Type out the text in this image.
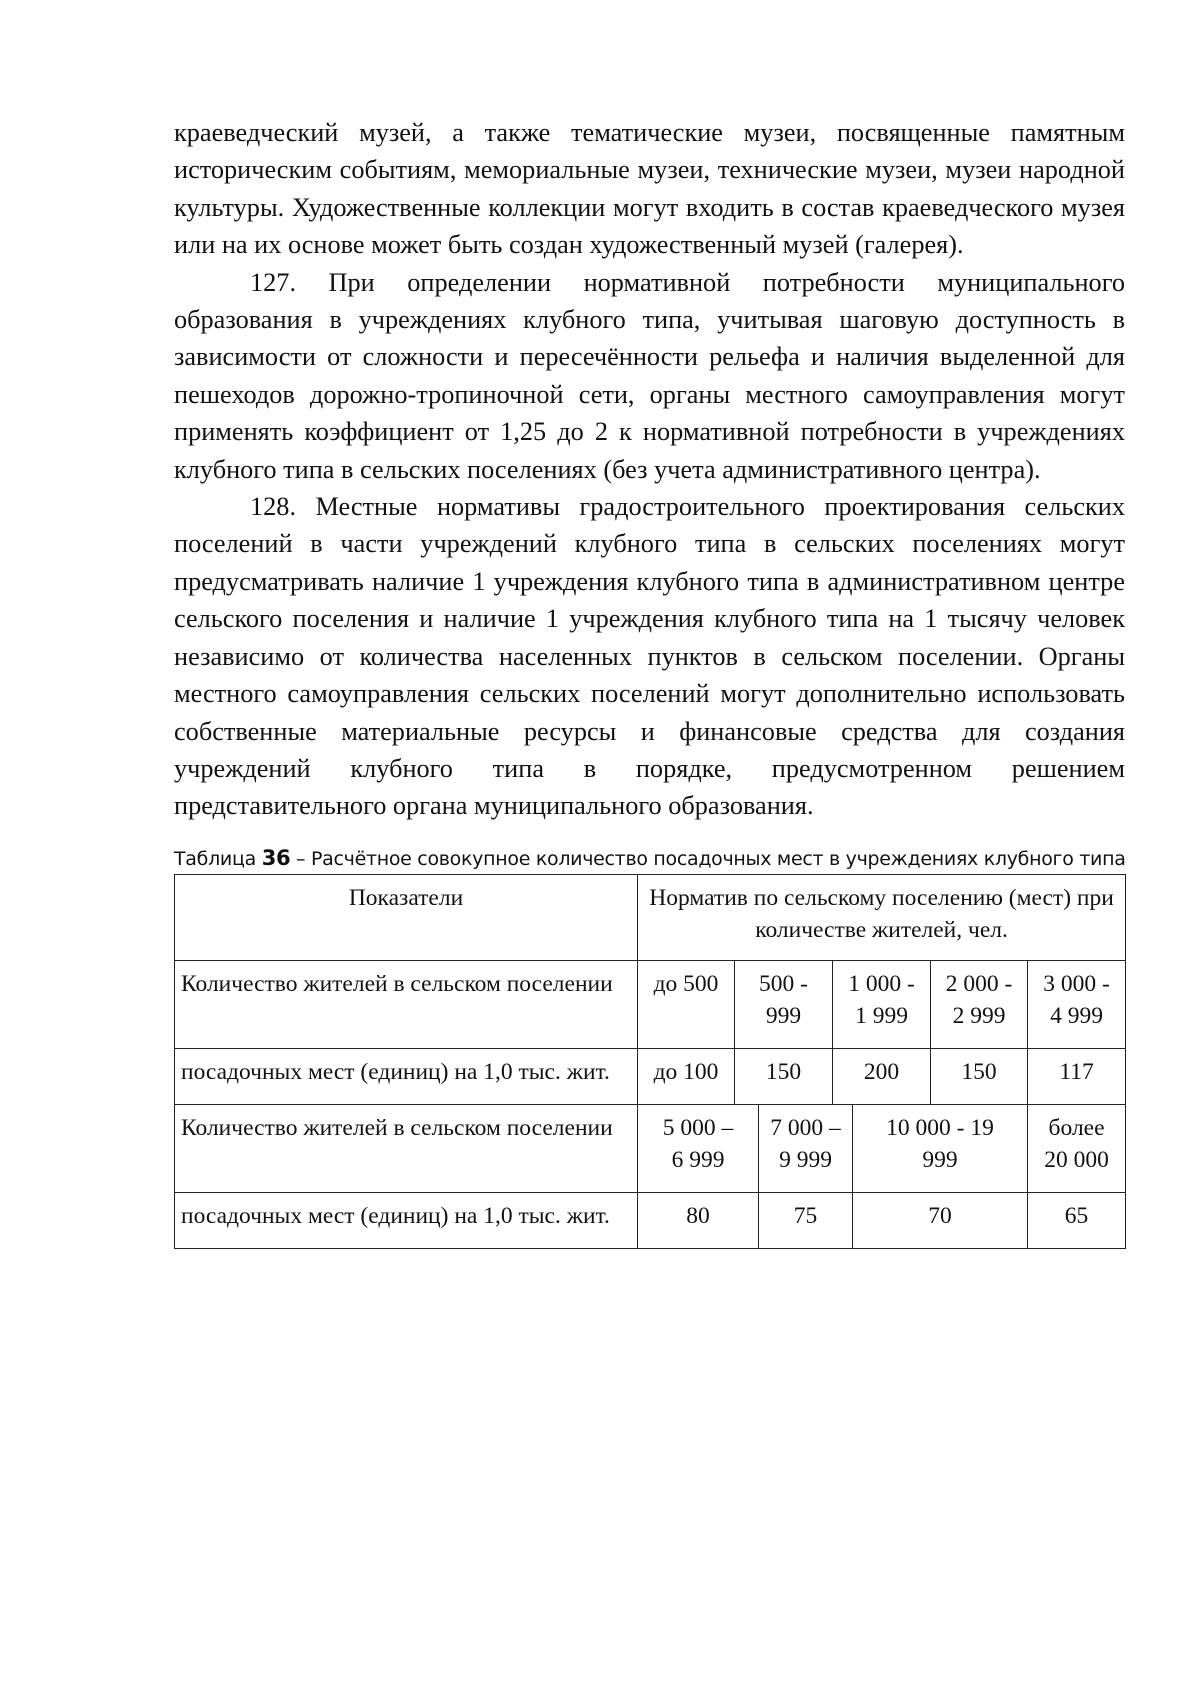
краеведческий музей, а также тематические музеи, посвященные памятным историческим событиям, мемориальные музеи, технические музеи, музеи народной культуры. Художественные коллекции могут входить в состав краеведческого музея или на их основе может быть создан художественный музей (галерея).

127. При определении нормативной потребности муниципального образования в учреждениях клубного типа, учитывая шаговую доступность в зависимости от сложности и пересечённости рельефа и наличия выделенной для пешеходов дорожно-тропиночной сети, органы местного самоуправления могут применять коэффициент от 1,25 до 2 к нормативной потребности в учреждениях клубного типа в сельских поселениях (без учета административного центра).

128. Местные нормативы градостроительного проектирования сельских поселений в части учреждений клубного типа в сельских поселениях могут предусматривать наличие 1 учреждения клубного типа в административном центре сельского поселения и наличие 1 учреждения клубного типа на 1 тысячу человек независимо от количества населенных пунктов в сельском поселении. Органы местного самоуправления сельских поселений могут дополнительно использовать собственные материальные ресурсы и финансовые средства для создания учреждений клубного типа в порядке, предусмотренном решением представительного органа муниципального образования.

Таблица 36 – Расчётное совокупное количество посадочных мест в учреждениях клубного типа
Показатели	Норматив по сельскому поселению (мест) при количестве жителей, чел.						

Количество жителей в сельском поселении	до 500	500 - 999		1 000 - 1 999		2 000 - 2 999	3 000 - 4 999

посадочных мест (единиц) на 1,0 тыс. жит.	до 100	150		200		150	117
Количество жителей в сельском поселении	5 000 – 6 999		7 000 – 9 999		10 000 - 19 999		более 20 000

посадочных мест (единиц) на 1,0 тыс. жит.	80		75		70		65
